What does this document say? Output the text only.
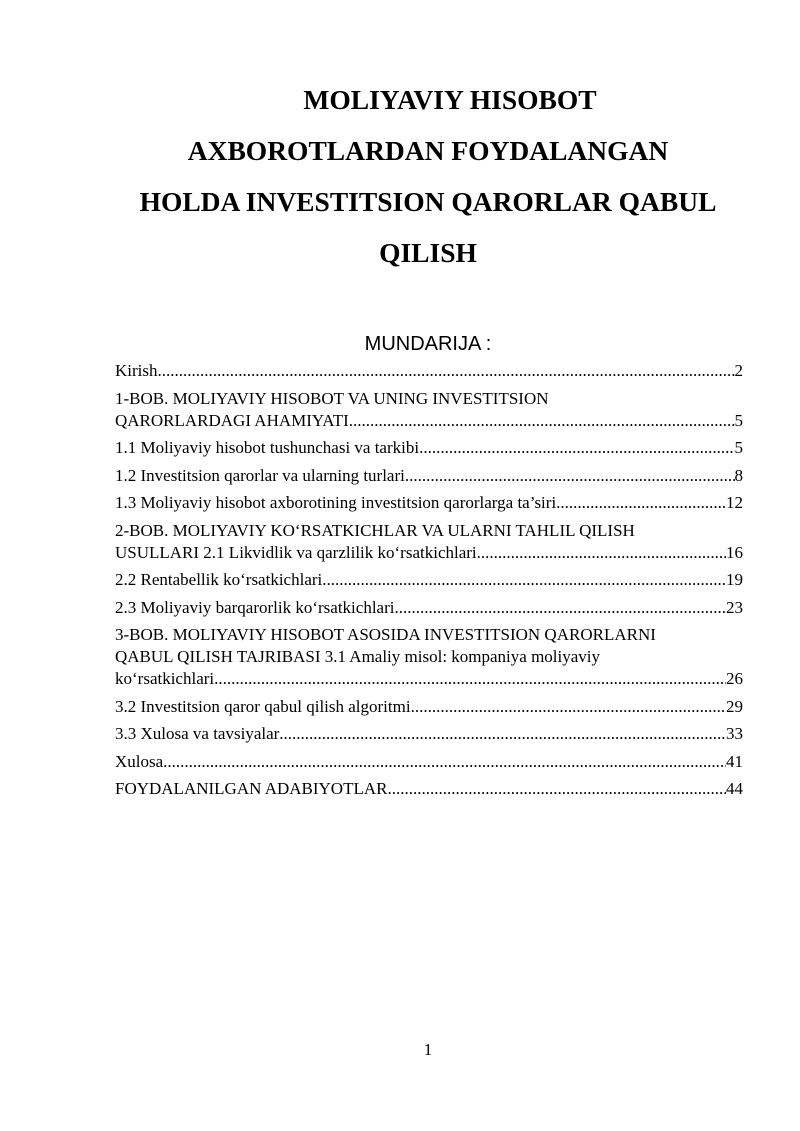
MOLIYAVIY HISOBOT
AXBOROTLARDAN FOYDALANGAN
HOLDA INVESTITSION QARORLAR QABUL
QILISH
MUNDARIJA :
Kirish .....	2
1-BOB. MOLIYAVIY HISOBOT VA UNING INVESTITSION
QARORLARDAGI AHAMIYATI .....	5
1.1 Moliyaviy hisobot tushunchasi va tarkibi .....	5
1.2 Investitsion qarorlar va ularning turlari .....	8
1.3 Moliyaviy hisobot axborotining investitsion qarorlarga ta’siri .....	12
2-BOB. MOLIYAVIY KO‘RSATKICHLAR VA ULARNI TAHLIL QILISH
USULLARI 2.1 Likvidlik va qarzlilik ko‘rsatkichlari .....	16
2.2 Rentabellik ko‘rsatkichlari .....	19
2.3 Moliyaviy barqarorlik ko‘rsatkichlari .....	23
3-BOB. MOLIYAVIY HISOBOT ASOSIDA INVESTITSION QARORLARNI
QABUL QILISH TAJRIBASI 3.1 Amaliy misol: kompaniya moliyaviy
ko‘rsatkichlari .....	26
3.2 Investitsion qaror qabul qilish algoritmi .....	29
3.3 Xulosa va tavsiyalar .....	33
Xulosa .....	41
FOYDALANILGAN ADABIYOTLAR .....	44
1
